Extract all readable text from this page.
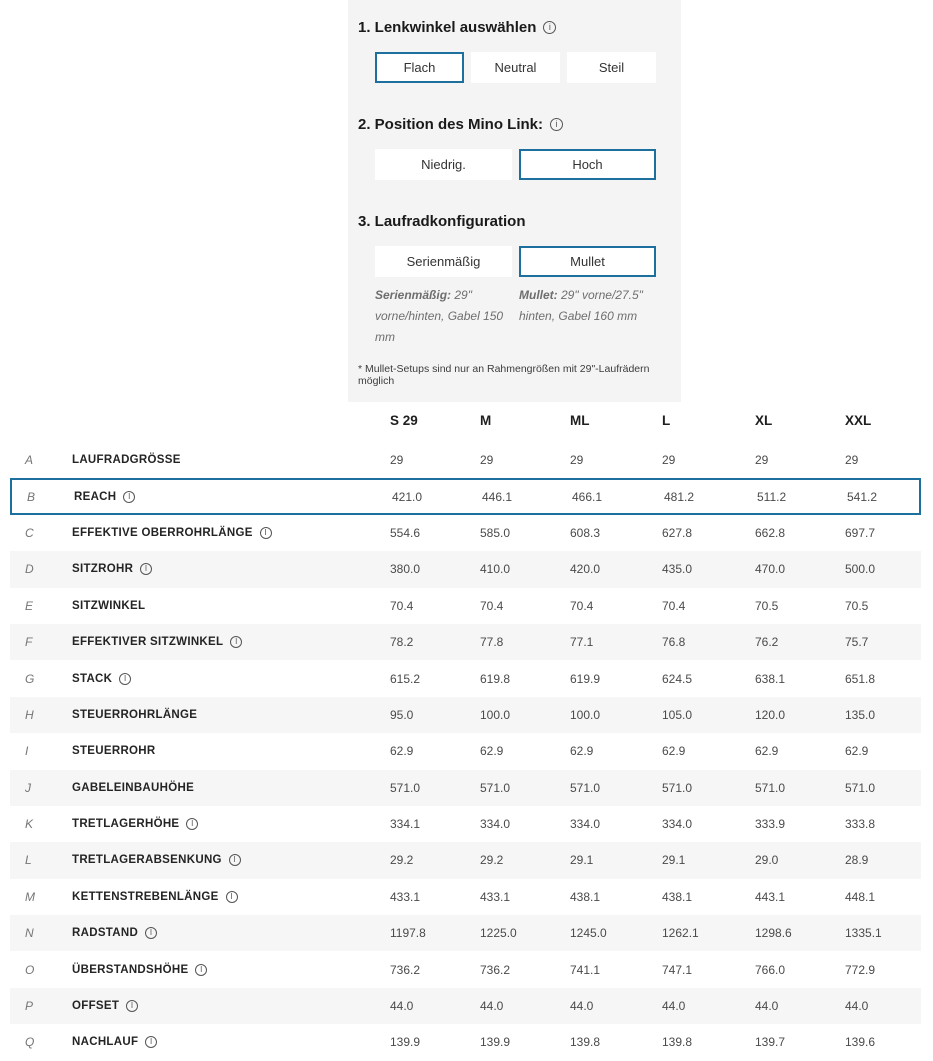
1. Lenkwinkel auswählen	i
Flach	Neutral	Steil
2. Position des Mino Link:	i
Niedrig.	Hoch
3. Laufradkonfiguration
Serienmäßig	Mullet
Serienmäßig: 29" vorne/hinten, Gabel 150 mm
Mullet: 29" vorne/27.5" hinten, Gabel 160 mm
* Mullet-Setups sind nur an Rahmengrößen mit 29"-Laufrädern möglich
S 29	M	ML	L	XL	XXL
A	LAUFRADGRÖSSE	29	29	29	29	29	29
B	REACH	I	421.0	446.1	466.1	481.2	511.2	541.2
C	EFFEKTIVE OBERROHRLÄNGE	I	554.6	585.0	608.3	627.8	662.8	697.7
D	SITZROHR	I	380.0	410.0	420.0	435.0	470.0	500.0
E	SITZWINKEL	70.4	70.4	70.4	70.4	70.5	70.5
F	EFFEKTIVER SITZWINKEL	I	78.2	77.8	77.1	76.8	76.2	75.7
G	STACK	I	615.2	619.8	619.9	624.5	638.1	651.8
H	STEUERROHRLÄNGE	95.0	100.0	100.0	105.0	120.0	135.0
I	STEUERROHR	62.9	62.9	62.9	62.9	62.9	62.9
J	GABELEINBAUHÖHE	571.0	571.0	571.0	571.0	571.0	571.0
K	TRETLAGERHÖHE	I	334.1	334.0	334.0	334.0	333.9	333.8
L	TRETLAGERABSENKUNG	I	29.2	29.2	29.1	29.1	29.0	28.9
M	KETTENSTREBENLÄNGE	I	433.1	433.1	438.1	438.1	443.1	448.1
N	RADSTAND	I	1197.8	1225.0	1245.0	1262.1	1298.6	1335.1
O	ÜBERSTANDSHÖHE	I	736.2	736.2	741.1	747.1	766.0	772.9
P	OFFSET	I	44.0	44.0	44.0	44.0	44.0	44.0
Q	NACHLAUF	I	139.9	139.9	139.8	139.8	139.7	139.6
